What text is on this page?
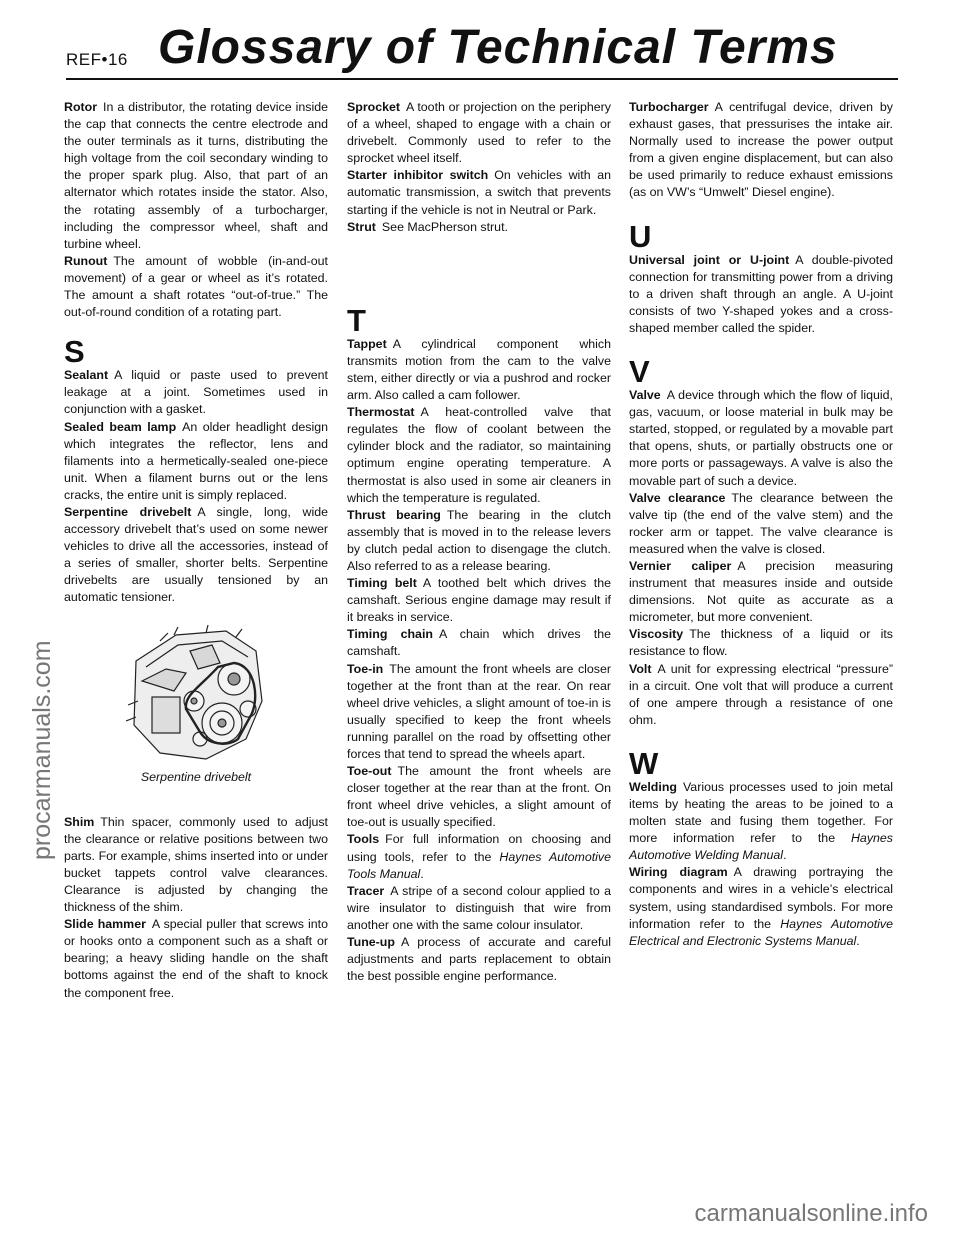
REF•16 Glossary of Technical Terms

Rotor In a distributor, the rotating device inside the cap that connects the centre electrode and the outer terminals as it turns, distributing the high voltage from the coil secondary winding to the proper spark plug. Also, that part of an alternator which rotates inside the stator. Also, the rotating assembly of a turbocharger, including the compressor wheel, shaft and turbine wheel.

Runout The amount of wobble (in-and-out movement) of a gear or wheel as it’s rotated. The amount a shaft rotates “out-of-true.” The out-of-round condition of a rotating part.

S

Sealant A liquid or paste used to prevent leakage at a joint. Sometimes used in conjunction with a gasket.

Sealed beam lamp An older headlight design which integrates the reflector, lens and filaments into a hermetically-sealed one-piece unit. When a filament burns out or the lens cracks, the entire unit is simply replaced.

Serpentine drivebelt A single, long, wide accessory drivebelt that’s used on some newer vehicles to drive all the accessories, instead of a series of smaller, shorter belts. Serpentine drivebelts are usually tensioned by an automatic tensioner.

Serpentine drivebelt

Shim Thin spacer, commonly used to adjust the clearance or relative positions between two parts. For example, shims inserted into or under bucket tappets control valve clearances. Clearance is adjusted by changing the thickness of the shim.

Slide hammer A special puller that screws into or hooks onto a component such as a shaft or bearing; a heavy sliding handle on the shaft bottoms against the end of the shaft to knock the component free.

Sprocket A tooth or projection on the periphery of a wheel, shaped to engage with a chain or drivebelt. Commonly used to refer to the sprocket wheel itself.

Starter inhibitor switch On vehicles with an automatic transmission, a switch that prevents starting if the vehicle is not in Neutral or Park.

Strut See MacPherson strut.

T

Tappet A cylindrical component which transmits motion from the cam to the valve stem, either directly or via a pushrod and rocker arm. Also called a cam follower.

Thermostat A heat-controlled valve that regulates the flow of coolant between the cylinder block and the radiator, so maintaining optimum engine operating temperature. A thermostat is also used in some air cleaners in which the temperature is regulated.

Thrust bearing The bearing in the clutch assembly that is moved in to the release levers by clutch pedal action to disengage the clutch. Also referred to as a release bearing.

Timing belt A toothed belt which drives the camshaft. Serious engine damage may result if it breaks in service.

Timing chain A chain which drives the camshaft.

Toe-in The amount the front wheels are closer together at the front than at the rear. On rear wheel drive vehicles, a slight amount of toe-in is usually specified to keep the front wheels running parallel on the road by offsetting other forces that tend to spread the wheels apart.

Toe-out The amount the front wheels are closer together at the rear than at the front. On front wheel drive vehicles, a slight amount of toe-out is usually specified.

Tools For full information on choosing and using tools, refer to the Haynes Automotive Tools Manual.

Tracer A stripe of a second colour applied to a wire insulator to distinguish that wire from another one with the same colour insulator.

Tune-up A process of accurate and careful adjustments and parts replacement to obtain the best possible engine performance.

Turbocharger A centrifugal device, driven by exhaust gases, that pressurises the intake air. Normally used to increase the power output from a given engine displacement, but can also be used primarily to reduce exhaust emissions (as on VW’s “Umwelt” Diesel engine).

U

Universal joint or U-joint A double-pivoted connection for transmitting power from a driving to a driven shaft through an angle. A U-joint consists of two Y-shaped yokes and a cross-shaped member called the spider.

V

Valve A device through which the flow of liquid, gas, vacuum, or loose material in bulk may be started, stopped, or regulated by a movable part that opens, shuts, or partially obstructs one or more ports or passageways. A valve is also the movable part of such a device.

Valve clearance The clearance between the valve tip (the end of the valve stem) and the rocker arm or tappet. The valve clearance is measured when the valve is closed.

Vernier caliper A precision measuring instrument that measures inside and outside dimensions. Not quite as accurate as a micrometer, but more convenient.

Viscosity The thickness of a liquid or its resistance to flow.

Volt A unit for expressing electrical “pressure” in a circuit. One volt that will produce a current of one ampere through a resistance of one ohm.

W

Welding Various processes used to join metal items by heating the areas to be joined to a molten state and fusing them together. For more information refer to the Haynes Automotive Welding Manual.

Wiring diagram A drawing portraying the components and wires in a vehicle’s electrical system, using standardised symbols. For more information refer to the Haynes Automotive Electrical and Electronic Systems Manual.

procarmanuals.com
carmanualsonline.info
